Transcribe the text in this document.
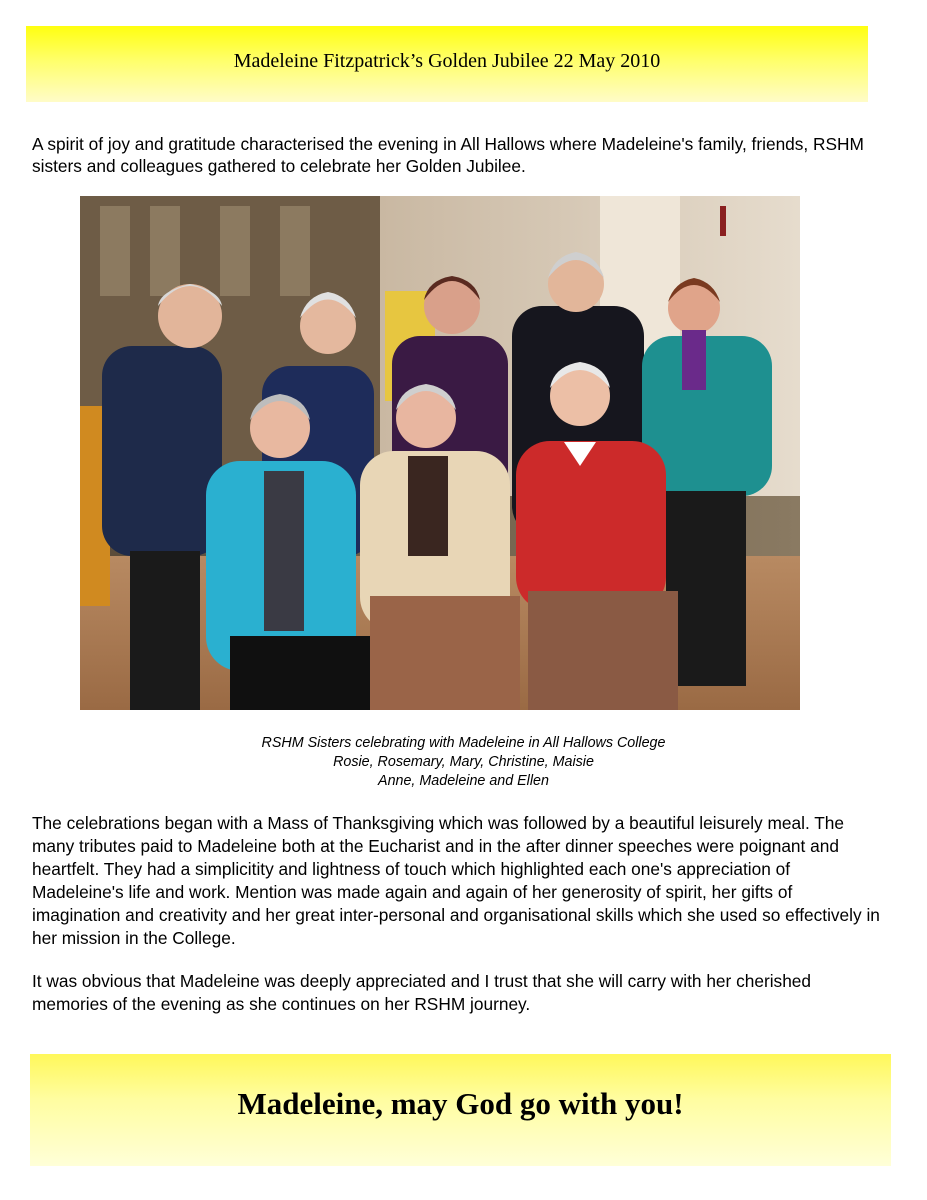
Madeleine Fitzpatrick’s Golden Jubilee 22 May 2010

A spirit of joy and gratitude characterised the evening in All Hallows where Madeleine's family, friends, RSHM sisters and colleagues gathered to celebrate her Golden Jubilee.

RSHM Sisters celebrating with Madeleine in All Hallows College
Rosie, Rosemary, Mary, Christine, Maisie
Anne, Madeleine and Ellen

The celebrations began with a Mass of Thanksgiving which was followed by a beautiful leisurely meal. The many tributes paid to Madeleine both at the Eucharist and in the after dinner speeches were poignant and heartfelt. They had a simplicitity and lightness of touch which highlighted each one's appreciation of Madeleine's life and work. Mention was made again and again of her generosity of spirit, her gifts of imagination and creativity and her great inter-personal and organisational skills which she used so effectively in her mission in the College.

It was obvious that Madeleine was deeply appreciated and I trust that she will carry with her cherished memories of the evening as she continues on her RSHM journey.

Madeleine, may God go with you!
